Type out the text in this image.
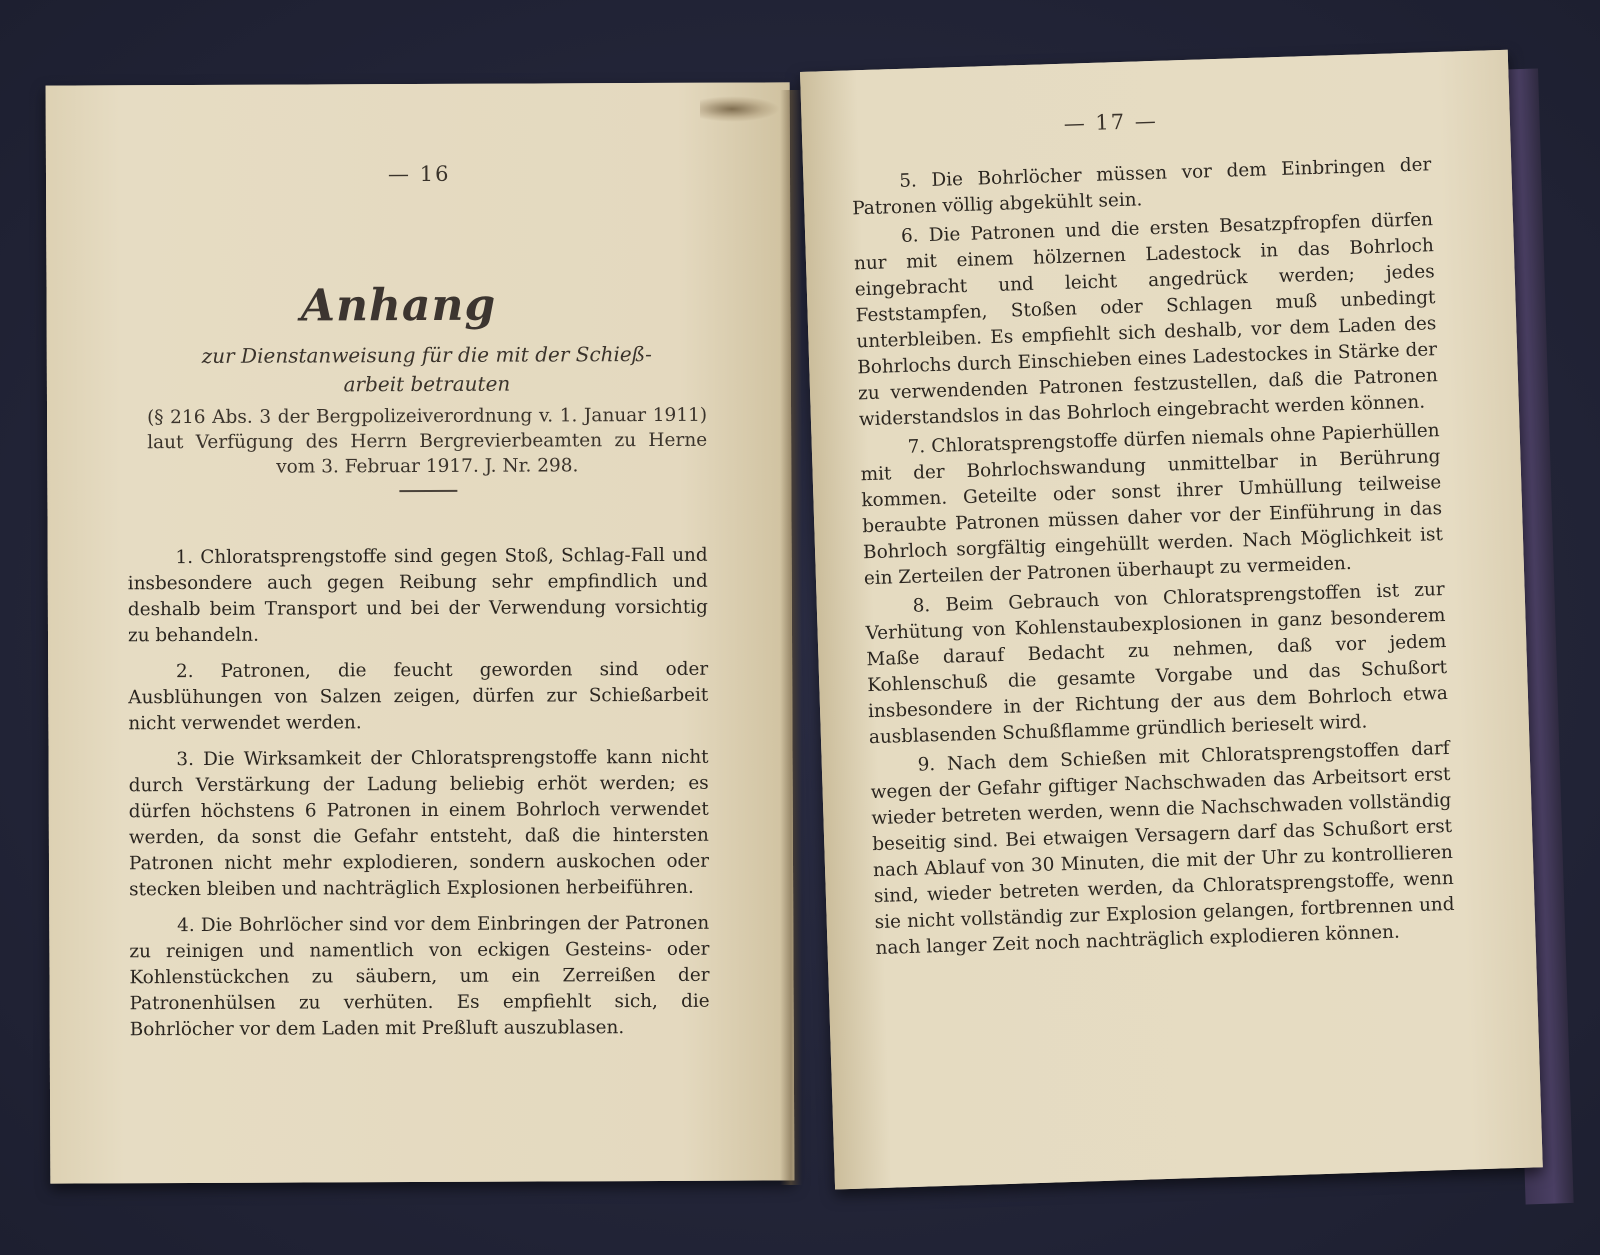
— 16
Anhang
zur Dienstanweisung für die mit der Schieß-
arbeit betrauten
(§ 216 Abs. 3 der Bergpolizeiverordnung v. 1. Januar 1911) laut Verfügung des Herrn Bergrevierbeamten zu Herne vom 3. Februar 1917. J. Nr. 298.
1. Chloratsprengstoffe sind gegen Stoß, Schlag-Fall und insbesondere auch gegen Reibung sehr empfindlich und deshalb beim Transport und bei der Verwendung vorsichtig zu behandeln.
2. Patronen, die feucht geworden sind oder Ausblühungen von Salzen zeigen, dürfen zur Schießarbeit nicht verwendet werden.
3. Die Wirksamkeit der Chloratsprengstoffe kann nicht durch Verstärkung der Ladung beliebig erhöt werden; es dürfen höchstens 6 Patronen in einem Bohrloch verwendet werden, da sonst die Gefahr entsteht, daß die hintersten Patronen nicht mehr explodieren, sondern auskochen oder stecken bleiben und nachträglich Explosionen herbeiführen.
4. Die Bohrlöcher sind vor dem Einbringen der Patronen zu reinigen und namentlich von eckigen Gesteins- oder Kohlenstückchen zu säubern, um ein Zerreißen der Patronenhülsen zu verhüten. Es empfiehlt sich, die Bohrlöcher vor dem Laden mit Preßluft auszublasen.
— 17 —
5. Die Bohrlöcher müssen vor dem Einbringen der Patronen völlig abgekühlt sein.
6. Die Patronen und die ersten Besatzpfropfen dürfen nur mit einem hölzernen Ladestock in das Bohrloch eingebracht und leicht angedrück werden; jedes Feststampfen, Stoßen oder Schlagen muß unbedingt unterbleiben. Es empfiehlt sich deshalb, vor dem Laden des Bohrlochs durch Einschieben eines Ladestockes in Stärke der zu verwendenden Patronen festzustellen, daß die Patronen widerstandslos in das Bohrloch eingebracht werden können.
7. Chloratsprengstoffe dürfen niemals ohne Papierhüllen mit der Bohrlochswandung unmittelbar in Berührung kommen. Geteilte oder sonst ihrer Umhüllung teilweise beraubte Patronen müssen daher vor der Einführung in das Bohrloch sorgfältig eingehüllt werden. Nach Möglichkeit ist ein Zerteilen der Patronen überhaupt zu vermeiden.
8. Beim Gebrauch von Chloratsprengstoffen ist zur Verhütung von Kohlenstaubexplosionen in ganz besonderem Maße darauf Bedacht zu nehmen, daß vor jedem Kohlenschuß die gesamte Vorgabe und das Schußort insbesondere in der Richtung der aus dem Bohrloch etwa ausblasenden Schußflamme gründlich berieselt wird.
9. Nach dem Schießen mit Chloratsprengstoffen darf wegen der Gefahr giftiger Nachschwaden das Arbeitsort erst wieder betreten werden, wenn die Nachschwaden vollständig beseitig sind. Bei etwaigen Versagern darf das Schußort erst nach Ablauf von 30 Minuten, die mit der Uhr zu kontrollieren sind, wieder betreten werden, da Chloratsprengstoffe, wenn sie nicht vollständig zur Explosion gelangen, fortbrennen und nach langer Zeit noch nachträglich explodieren können.
